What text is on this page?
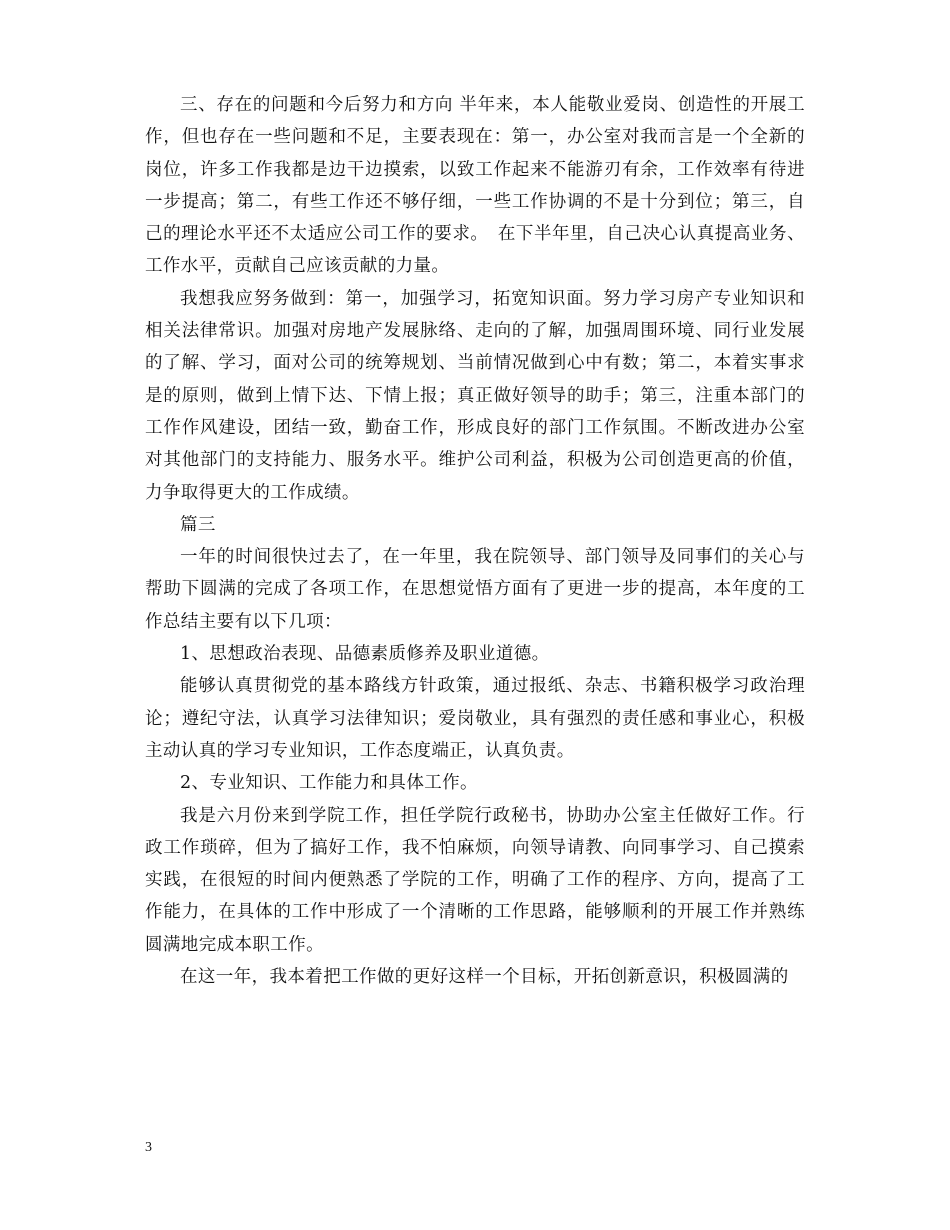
三、存在的问题和今后努力和方向 半年来，本人能敬业爱岗、创造性的开展工作，但也存在一些问题和不足，主要表现在：第一，办公室对我而言是一个全新的岗位，许多工作我都是边干边摸索，以致工作起来不能游刃有余，工作效率有待进一步提高；第二，有些工作还不够仔细，一些工作协调的不是十分到位；第三，自己的理论水平还不太适应公司工作的要求。　在下半年里，自己决心认真提高业务、工作水平，贡献自己应该贡献的力量。

我想我应努务做到：第一，加强学习，拓宽知识面。努力学习房产专业知识和相关法律常识。加强对房地产发展脉络、走向的了解，加强周围环境、同行业发展的了解、学习，面对公司的统筹规划、当前情况做到心中有数；第二，本着实事求是的原则，做到上情下达、下情上报；真正做好领导的助手；第三，注重本部门的工作作风建设，团结一致，勤奋工作，形成良好的部门工作氛围。不断改进办公室对其他部门的支持能力、服务水平。维护公司利益，积极为公司创造更高的价值，力争取得更大的工作成绩。

篇三

一年的时间很快过去了，在一年里，我在院领导、部门领导及同事们的关心与帮助下圆满的完成了各项工作，在思想觉悟方面有了更进一步的提高，本年度的工作总结主要有以下几项：

1、思想政治表现、品德素质修养及职业道德。

能够认真贯彻党的基本路线方针政策，通过报纸、杂志、书籍积极学习政治理论；遵纪守法，认真学习法律知识；爱岗敬业，具有强烈的责任感和事业心，积极主动认真的学习专业知识，工作态度端正，认真负责。

2、专业知识、工作能力和具体工作。

我是六月份来到学院工作，担任学院行政秘书，协助办公室主任做好工作。行政工作琐碎，但为了搞好工作，我不怕麻烦，向领导请教、向同事学习、自己摸索实践，在很短的时间内便熟悉了学院的工作，明确了工作的程序、方向，提高了工作能力，在具体的工作中形成了一个清晰的工作思路，能够顺利的开展工作并熟练圆满地完成本职工作。

在这一年，我本着把工作做的更好这样一个目标，开拓创新意识，积极圆满的

3
